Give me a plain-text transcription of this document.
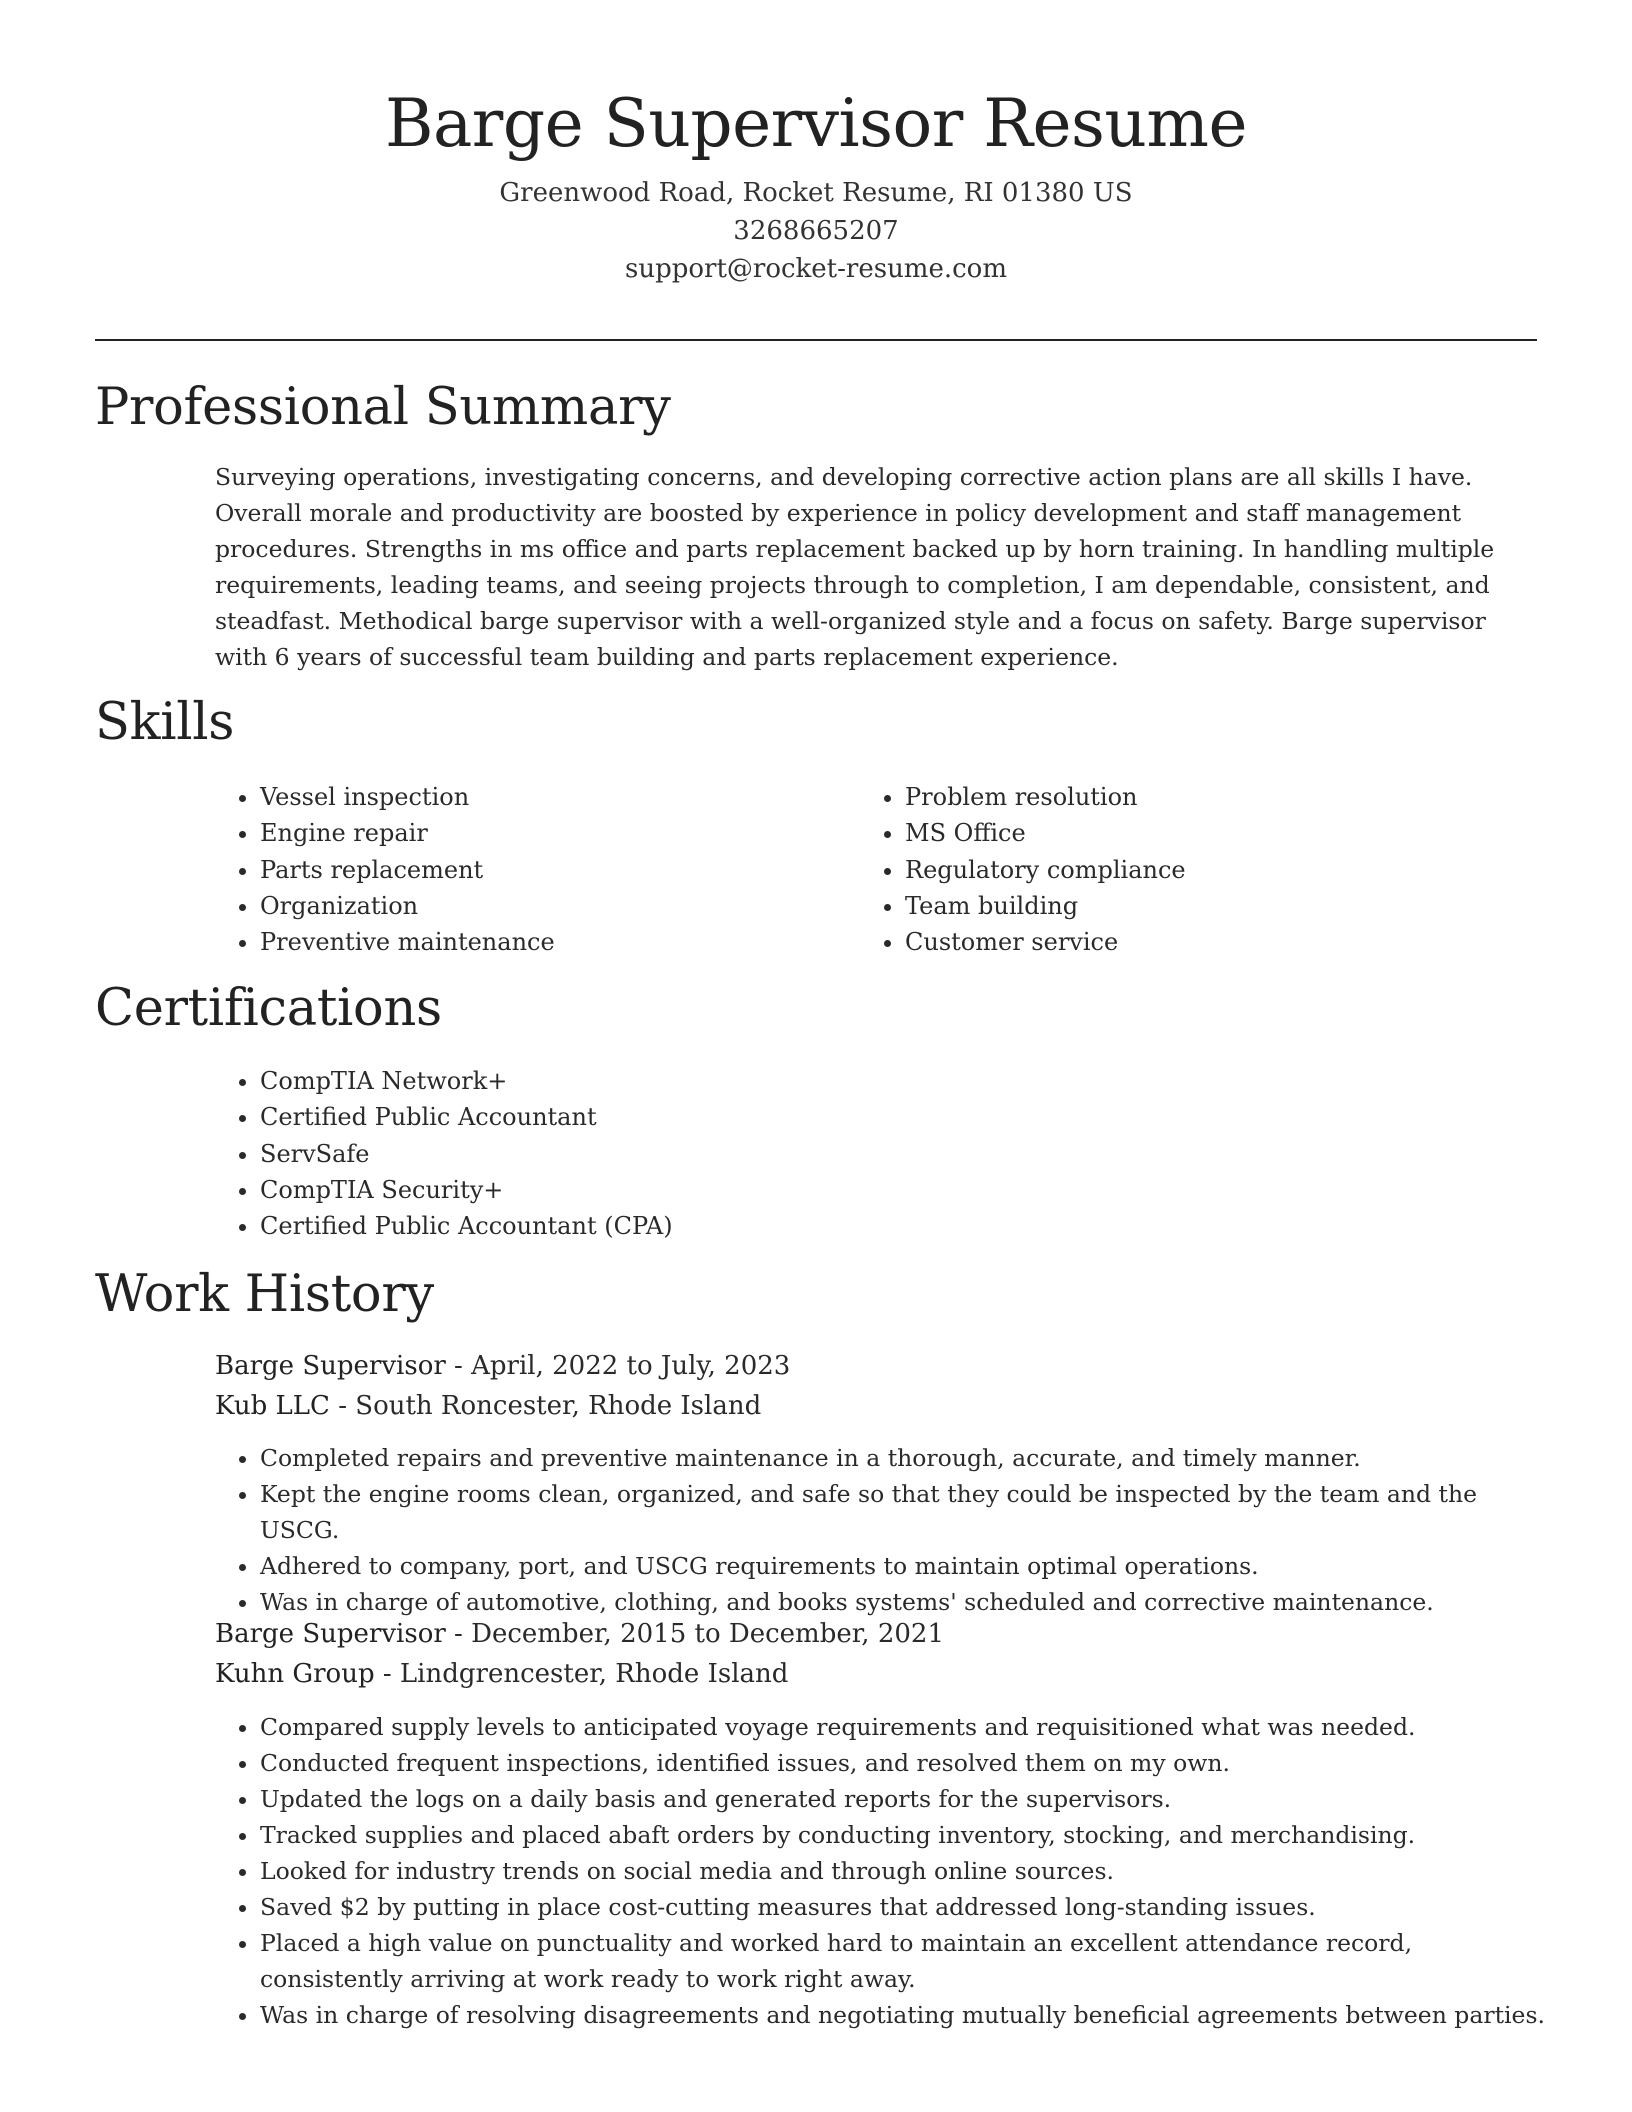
Barge Supervisor Resume
Greenwood Road, Rocket Resume, RI 01380 US
3268665207
support@rocket-resume.com
Professional Summary

Surveying operations, investigating concerns, and developing corrective action plans are all skills I have. Overall morale and productivity are boosted by experience in policy development and staff management procedures. Strengths in ms office and parts replacement backed up by horn training. In handling multiple requirements, leading teams, and seeing projects through to completion, I am dependable, consistent, and steadfast. Methodical barge supervisor with a well-organized style and a focus on safety. Barge supervisor with 6 years of successful team building and parts replacement experience.

Skills
• Vessel inspection
• Engine repair
• Parts replacement
• Organization
• Preventive maintenance
• Problem resolution
• MS Office
• Regulatory compliance
• Team building
• Customer service
Certifications
• CompTIA Network+
• Certified Public Accountant
• ServSafe
• CompTIA Security+
• Certified Public Accountant (CPA)
Work History
Barge Supervisor - April, 2022 to July, 2023
Kub LLC - South Roncester, Rhode Island
• Completed repairs and preventive maintenance in a thorough, accurate, and timely manner.
• Kept the engine rooms clean, organized, and safe so that they could be inspected by the team and the USCG.
• Adhered to company, port, and USCG requirements to maintain optimal operations.
• Was in charge of automotive, clothing, and books systems' scheduled and corrective maintenance.
Barge Supervisor - December, 2015 to December, 2021
Kuhn Group - Lindgrencester, Rhode Island
• Compared supply levels to anticipated voyage requirements and requisitioned what was needed.
• Conducted frequent inspections, identified issues, and resolved them on my own.
• Updated the logs on a daily basis and generated reports for the supervisors.
• Tracked supplies and placed abaft orders by conducting inventory, stocking, and merchandising.
• Looked for industry trends on social media and through online sources.
• Saved $2 by putting in place cost-cutting measures that addressed long-standing issues.
• Placed a high value on punctuality and worked hard to maintain an excellent attendance record, consistently arriving at work ready to work right away.
• Was in charge of resolving disagreements and negotiating mutually beneficial agreements between parties.
